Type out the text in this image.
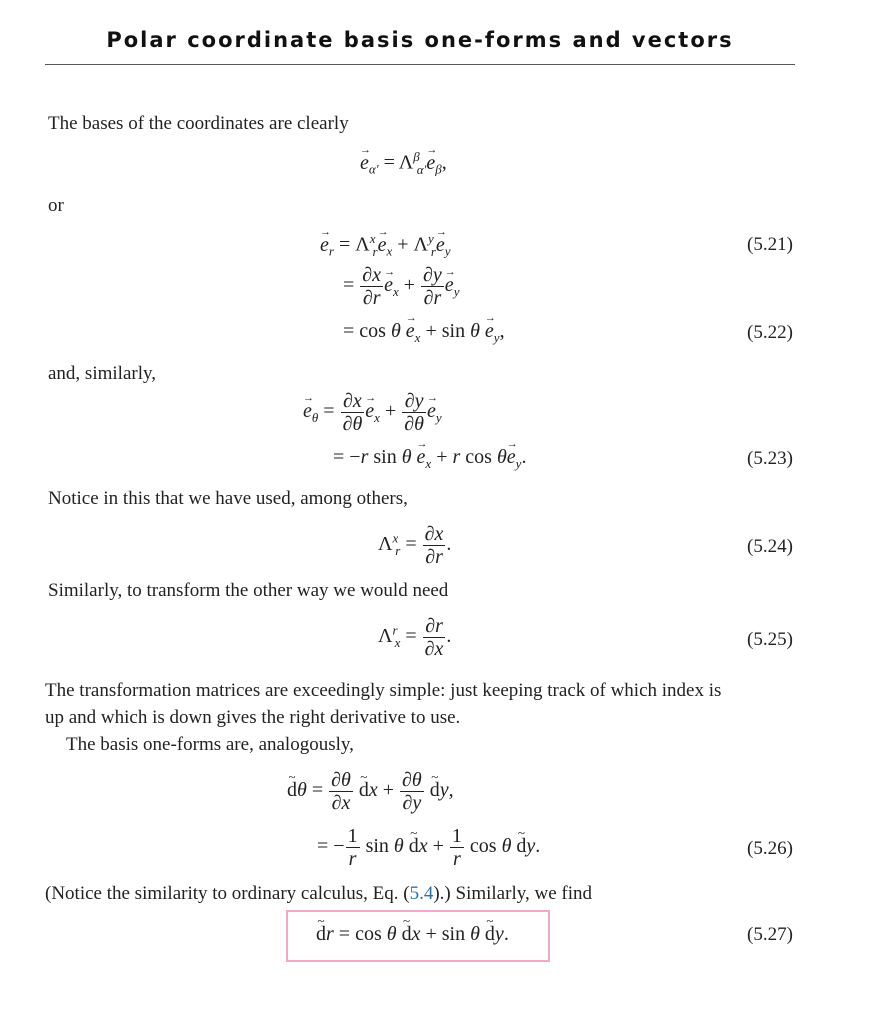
Polar coordinate basis one-forms and vectors
The bases of the coordinates are clearly
→ $e_{\alpha'} = \Lambda^\beta_{\alpha'}\to e_\beta$,
or
→ $e_r = \Lambda^x_r\to e_x + \Lambda^y_r\to e_y$	(5.21)
= $\frac{\partial x}{\partial r}$
→ $e_x + \frac{\partial y}{\partial r}$
→ $e_y$
= $\cos \theta \to e_x + \sin \theta \to e_y$,	(5.22)
and, similarly,
→ $e_\theta = \frac{\partial x}{\partial\theta}$
→ $e_x + \frac{\partial y}{\partial\theta}$
→ $e_y$
= −r $\sin \theta \to e_x + r$ $\cos \theta\to e_y$.	(5.23)
Notice in this that we have used, among others,
$\Lambda^x_r = \frac{\partial x}{\partial r}$ .	(5.24)
Similarly, to transform the other way we would need
$\Lambda^r_x = \frac{\partial r}{\partial x}$ .	(5.25)
The transformation matrices are exceedingly simple: just keeping track of which index is
up and which is down gives the right derivative to use.
The basis one-forms are, analogously,
~ $d\theta = \frac{\partial\theta}{\partial x}$
~ dx + $\frac{\partial\theta}{\partial y}$
~ dy,
= − $\frac{1}{r}$ sin θ ~ dx + $\frac{1}{r}$ cos θ ~ dy.	(5.26)
(Notice the similarity to ordinary calculus, Eq. (5.4).) Similarly, we find
~ dr = cos θ ~ dx + sin θ ~ dy.	(5.27)
